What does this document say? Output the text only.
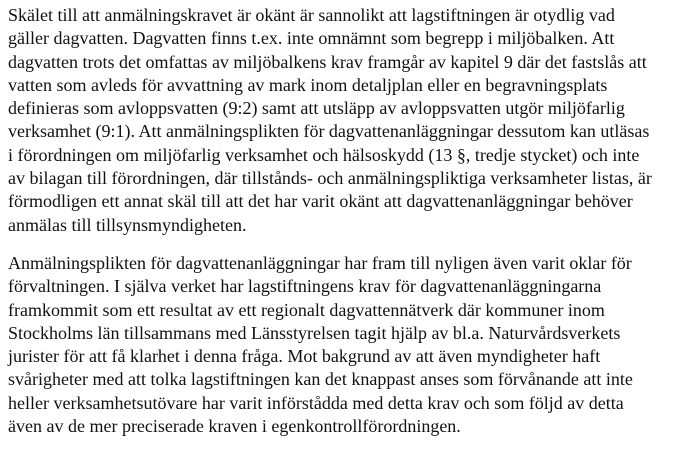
Skälet till att anmälningskravet är okänt är sannolikt att lagstiftningen är otydlig vad
gäller dagvatten. Dagvatten finns t.ex. inte omnämnt som begrepp i miljöbalken. Att
dagvatten trots det omfattas av miljöbalkens krav framgår av kapitel 9 där det fastslås att
vatten som avleds för avvattning av mark inom detaljplan eller en begravningsplats
definieras som avloppsvatten (9:2) samt att utsläpp av avloppsvatten utgör miljöfarlig
verksamhet (9:1). Att anmälningsplikten för dagvattenanläggningar dessutom kan utläsas
i förordningen om miljöfarlig verksamhet och hälsoskydd (13 §, tredje stycket) och inte
av bilagan till förordningen, där tillstånds- och anmälningspliktiga verksamheter listas, är
förmodligen ett annat skäl till att det har varit okänt att dagvattenanläggningar behöver
anmälas till tillsynsmyndigheten.

Anmälningsplikten för dagvattenanläggningar har fram till nyligen även varit oklar för
förvaltningen. I själva verket har lagstiftningens krav för dagvattenanläggningarna
framkommit som ett resultat av ett regionalt dagvattennätverk där kommuner inom
Stockholms län tillsammans med Länsstyrelsen tagit hjälp av bl.a. Naturvårdsverkets
jurister för att få klarhet i denna fråga. Mot bakgrund av att även myndigheter haft
svårigheter med att tolka lagstiftningen kan det knappast anses som förvånande att inte
heller verksamhetsutövare har varit införstådda med detta krav och som följd av detta
även av de mer preciserade kraven i egenkontrollförordningen.
